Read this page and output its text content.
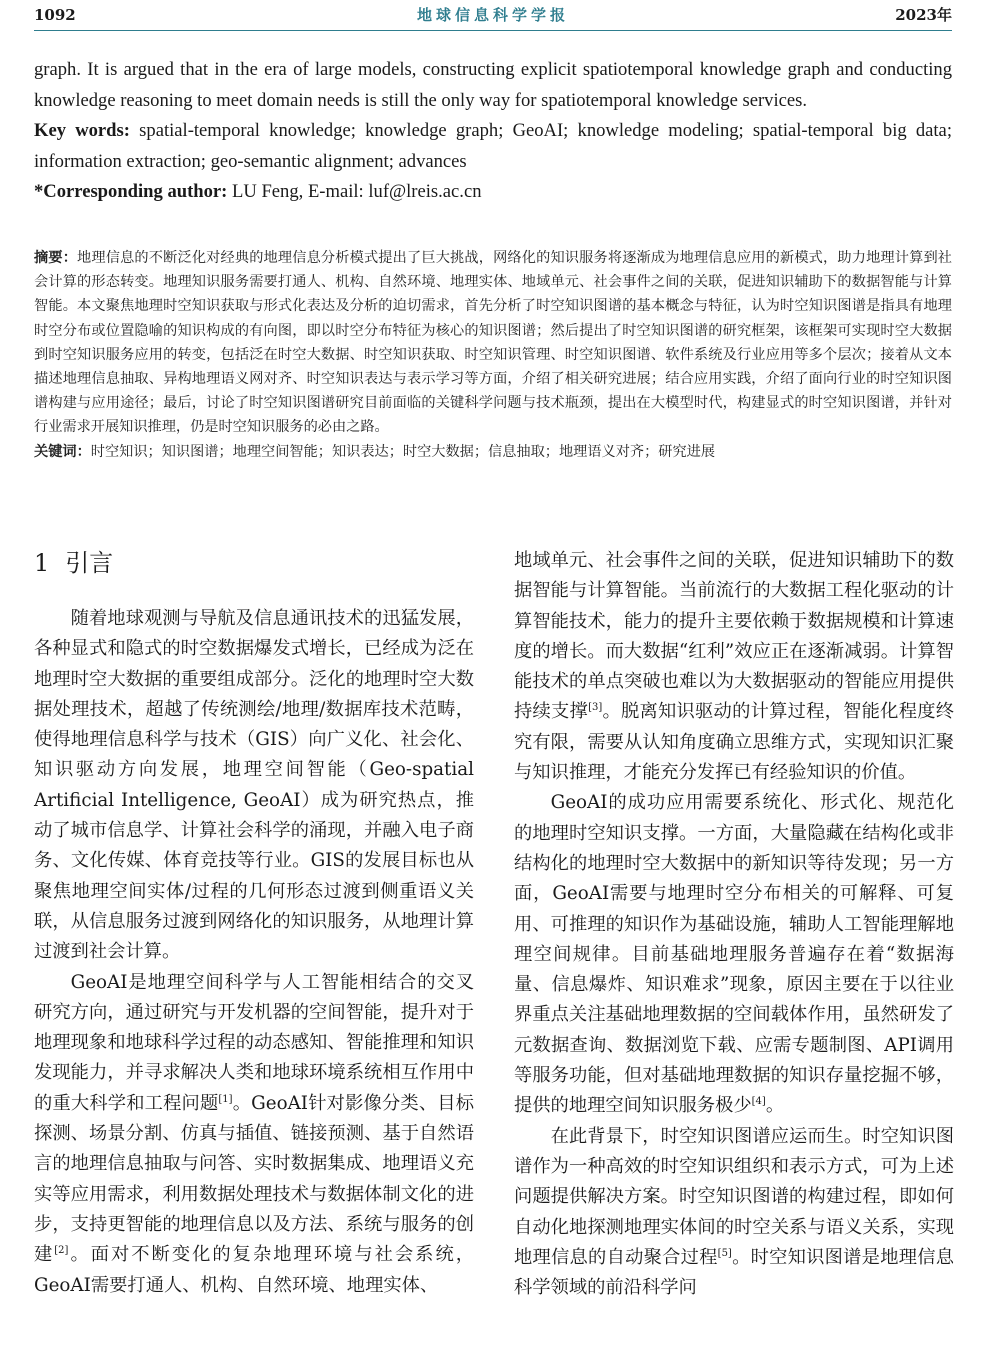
1092	地球信息科学学报	2023年

graph. It is argued that in the era of large models, constructing explicit spatiotemporal knowledge graph and conducting knowledge reasoning to meet domain needs is still the only way for spatiotemporal knowledge services.

Key words: spatial-temporal knowledge; knowledge graph; GeoAI; knowledge modeling; spatial-temporal big data; information extraction; geo-semantic alignment; advances

*Corresponding author: LU Feng, E-mail: luf@lreis.ac.cn

摘要：地理信息的不断泛化对经典的地理信息分析模式提出了巨大挑战，网络化的知识服务将逐渐成为地理信息应用的新模式，助力地理计算到社会计算的形态转变。地理知识服务需要打通人、机构、自然环境、地理实体、地域单元、社会事件之间的关联，促进知识辅助下的数据智能与计算智能。本文聚焦地理时空知识获取与形式化表达及分析的迫切需求，首先分析了时空知识图谱的基本概念与特征，认为时空知识图谱是指具有地理时空分布或位置隐喻的知识构成的有向图，即以时空分布特征为核心的知识图谱；然后提出了时空知识图谱的研究框架，该框架可实现时空大数据到时空知识服务应用的转变，包括泛在时空大数据、时空知识获取、时空知识管理、时空知识图谱、软件系统及行业应用等多个层次；接着从文本描述地理信息抽取、异构地理语义网对齐、时空知识表达与表示学习等方面，介绍了相关研究进展；结合应用实践，介绍了面向行业的时空知识图谱构建与应用途径；最后，讨论了时空知识图谱研究目前面临的关键科学问题与技术瓶颈，提出在大模型时代，构建显式的时空知识图谱，并针对行业需求开展知识推理，仍是时空知识服务的必由之路。

关键词：时空知识；知识图谱；地理空间智能；知识表达；时空大数据；信息抽取；地理语义对齐；研究进展

1 引言

随着地球观测与导航及信息通讯技术的迅猛发展，各种显式和隐式的时空数据爆发式增长，已经成为泛在地理时空大数据的重要组成部分。泛化的地理时空大数据处理技术，超越了传统测绘/地理/数据库技术范畴，使得地理信息科学与技术（GIS）向广义化、社会化、知识驱动方向发展，地理空间智能（Geo-spatial Artificial Intelligence, GeoAI）成为研究热点，推动了城市信息学、计算社会科学的涌现，并融入电子商务、文化传媒、体育竞技等行业。GIS的发展目标也从聚焦地理空间实体/过程的几何形态过渡到侧重语义关联，从信息服务过渡到网络化的知识服务，从地理计算过渡到社会计算。

GeoAI是地理空间科学与人工智能相结合的交叉研究方向，通过研究与开发机器的空间智能，提升对于地理现象和地球科学过程的动态感知、智能推理和知识发现能力，并寻求解决人类和地球环境系统相互作用中的重大科学和工程问题[1]。GeoAI针对影像分类、目标探测、场景分割、仿真与插值、链接预测、基于自然语言的地理信息抽取与问答、实时数据集成、地理语义充实等应用需求，利用数据处理技术与数据体制文化的进步，支持更智能的地理信息以及方法、系统与服务的创建[2]。面对不断变化的复杂地理环境与社会系统，GeoAI需要打通人、机构、自然环境、地理实体、

地域单元、社会事件之间的关联，促进知识辅助下的数据智能与计算智能。当前流行的大数据工程化驱动的计算智能技术，能力的提升主要依赖于数据规模和计算速度的增长。而大数据“红利”效应正在逐渐减弱。计算智能技术的单点突破也难以为大数据驱动的智能应用提供持续支撑[3]。脱离知识驱动的计算过程，智能化程度终究有限，需要从认知角度确立思维方式，实现知识汇聚与知识推理，才能充分发挥已有经验知识的价值。

GeoAI的成功应用需要系统化、形式化、规范化的地理时空知识支撑。一方面，大量隐藏在结构化或非结构化的地理时空大数据中的新知识等待发现；另一方面，GeoAI需要与地理时空分布相关的可解释、可复用、可推理的知识作为基础设施，辅助人工智能理解地理空间规律。目前基础地理服务普遍存在着“数据海量、信息爆炸、知识难求”现象，原因主要在于以往业界重点关注基础地理数据的空间载体作用，虽然研发了元数据查询、数据浏览下载、应需专题制图、API调用等服务功能，但对基础地理数据的知识存量挖掘不够，提供的地理空间知识服务极少[4]。

在此背景下，时空知识图谱应运而生。时空知识图谱作为一种高效的时空知识组织和表示方式，可为上述问题提供解决方案。时空知识图谱的构建过程，即如何自动化地探测地理实体间的时空关系与语义关系，实现地理信息的自动聚合过程[5]。时空知识图谱是地理信息科学领域的前沿科学问
